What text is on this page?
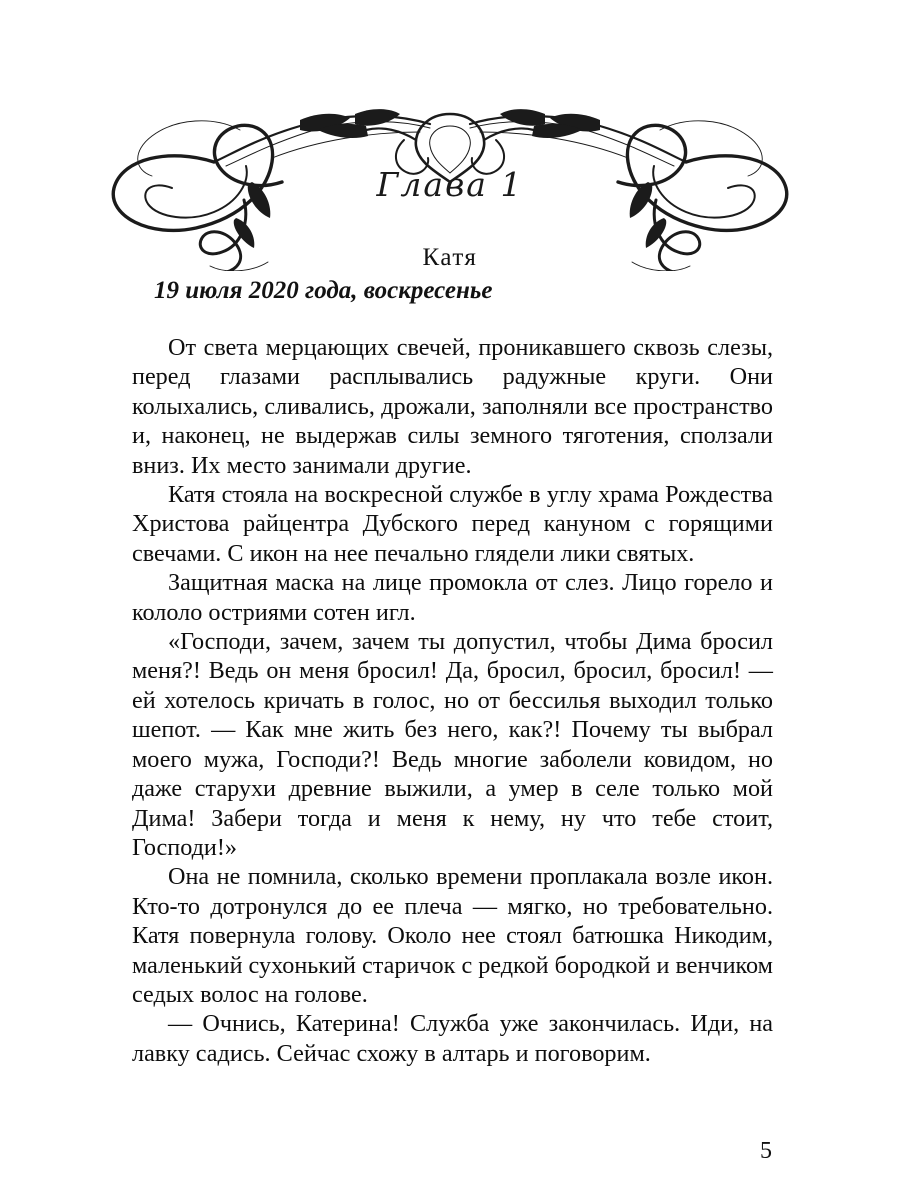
Глава 1
Катя
19 июля 2020 года, воскресенье

От света мерцающих свечей, проникавшего сквозь слезы, перед глазами расплывались радужные круги. Они колыхались, сливались, дрожали, заполняли все пространство и, наконец, не выдержав силы земного тяготения, сползали вниз. Их место занимали другие.

Катя стояла на воскресной службе в углу храма Рождества Христова райцентра Дубского перед кануном с горящими свечами. С икон на нее печально глядели лики святых.

Защитная маска на лице промокла от слез. Лицо горело и кололо остриями сотен игл.

«Господи, зачем, зачем ты допустил, чтобы Дима бросил меня?! Ведь он меня бросил! Да, бросил, бросил, бросил! — ей хотелось кричать в голос, но от бессилья выходил только шепот. — Как мне жить без него, как?! Почему ты выбрал моего мужа, Господи?! Ведь многие заболели ковидом, но даже старухи древние выжили, а умер в селе только мой Дима! Забери тогда и меня к нему, ну что тебе стоит, Господи!»

Она не помнила, сколько времени проплакала возле икон. Кто-то дотронулся до ее плеча — мягко, но требовательно. Катя повернула голову. Около нее стоял батюшка Никодим, маленький сухонький старичок с редкой бородкой и венчиком седых волос на голове.

— Очнись, Катерина! Служба уже закончилась. Иди, на лавку садись. Сейчас схожу в алтарь и поговорим.

5
